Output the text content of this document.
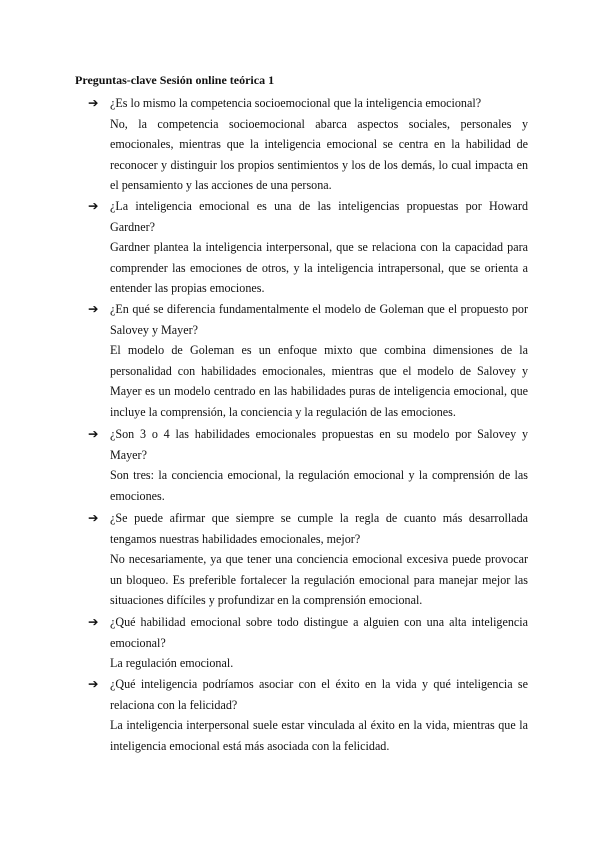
Preguntas-clave Sesión online teórica 1
➔ ¿Es lo mismo la competencia socioemocional que la inteligencia emocional?

No, la competencia socioemocional abarca aspectos sociales, personales y emocionales, mientras que la inteligencia emocional se centra en la habilidad de reconocer y distinguir los propios sentimientos y los de los demás, lo cual impacta en el pensamiento y las acciones de una persona.

➔ ¿La inteligencia emocional es una de las inteligencias propuestas por Howard Gardner?

Gardner plantea la inteligencia interpersonal, que se relaciona con la capacidad para comprender las emociones de otros, y la inteligencia intrapersonal, que se orienta a entender las propias emociones.

➔ ¿En qué se diferencia fundamentalmente el modelo de Goleman que el propuesto por Salovey y Mayer?

El modelo de Goleman es un enfoque mixto que combina dimensiones de la personalidad con habilidades emocionales, mientras que el modelo de Salovey y Mayer es un modelo centrado en las habilidades puras de inteligencia emocional, que incluye la comprensión, la conciencia y la regulación de las emociones.

➔ ¿Son 3 o 4 las habilidades emocionales propuestas en su modelo por Salovey y Mayer?

Son tres: la conciencia emocional, la regulación emocional y la comprensión de las emociones.

➔ ¿Se puede afirmar que siempre se cumple la regla de cuanto más desarrollada tengamos nuestras habilidades emocionales, mejor?

No necesariamente, ya que tener una conciencia emocional excesiva puede provocar un bloqueo. Es preferible fortalecer la regulación emocional para manejar mejor las situaciones difíciles y profundizar en la comprensión emocional.

➔ ¿Qué habilidad emocional sobre todo distingue a alguien con una alta inteligencia emocional?

La regulación emocional.

➔ ¿Qué inteligencia podríamos asociar con el éxito en la vida y qué inteligencia se relaciona con la felicidad?

La inteligencia interpersonal suele estar vinculada al éxito en la vida, mientras que la inteligencia emocional está más asociada con la felicidad.
